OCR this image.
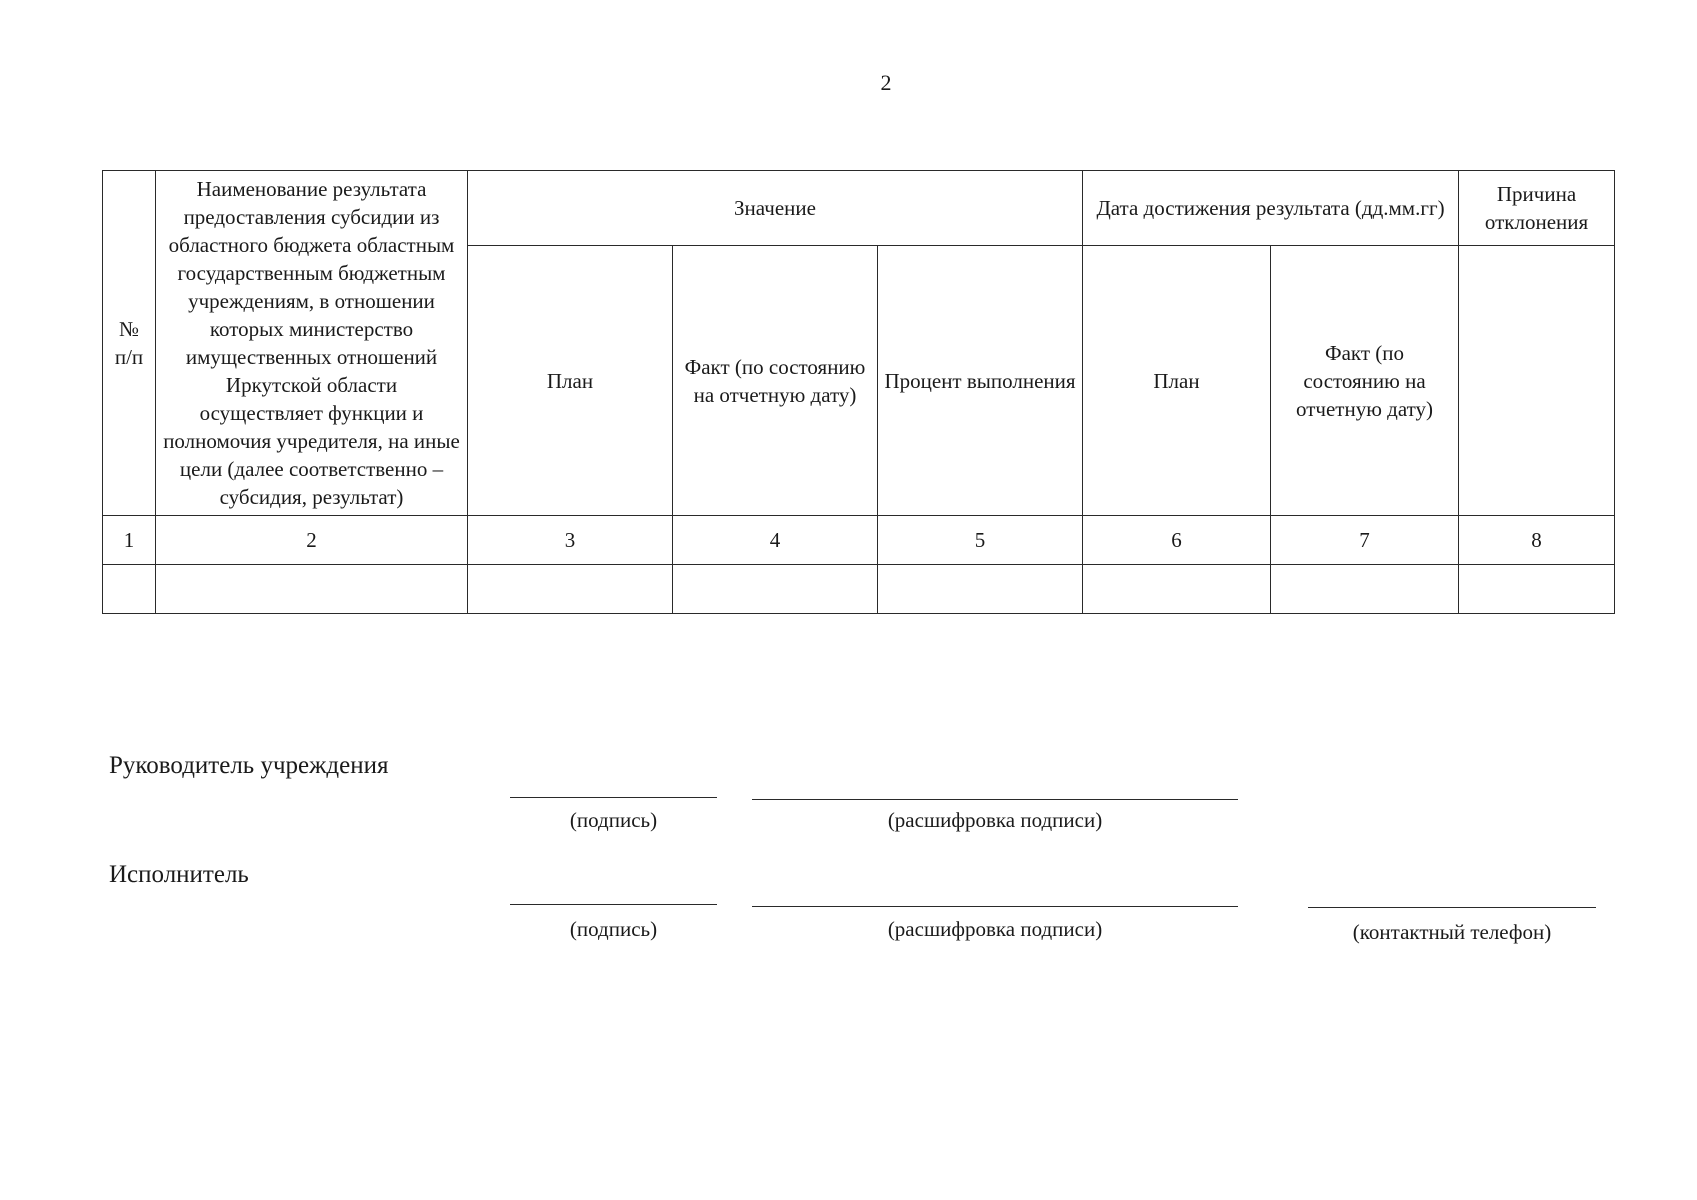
2
№ п/п	Наименование результата предоставления субсидии из областного бюджета областным государственным бюджетным учреждениям, в отношении которых министерство имущественных отношений Иркутской области осуществляет функции и полномочия учредителя, на иные цели (далее соответственно – субсидия, результат)	Значение			Дата достижения результата (дд.мм.гг)		Причина отклонения
		План	Факт (по состоянию на отчетную дату)	Процент выполнения	План	Факт (по состоянию на отчетную дату)	
1	2	3	4	5	6	7	8

Руководитель учреждения
(подпись)	(расшифровка подписи)
Исполнитель
(подпись)	(расшифровка подписи)	(контактный телефон)
